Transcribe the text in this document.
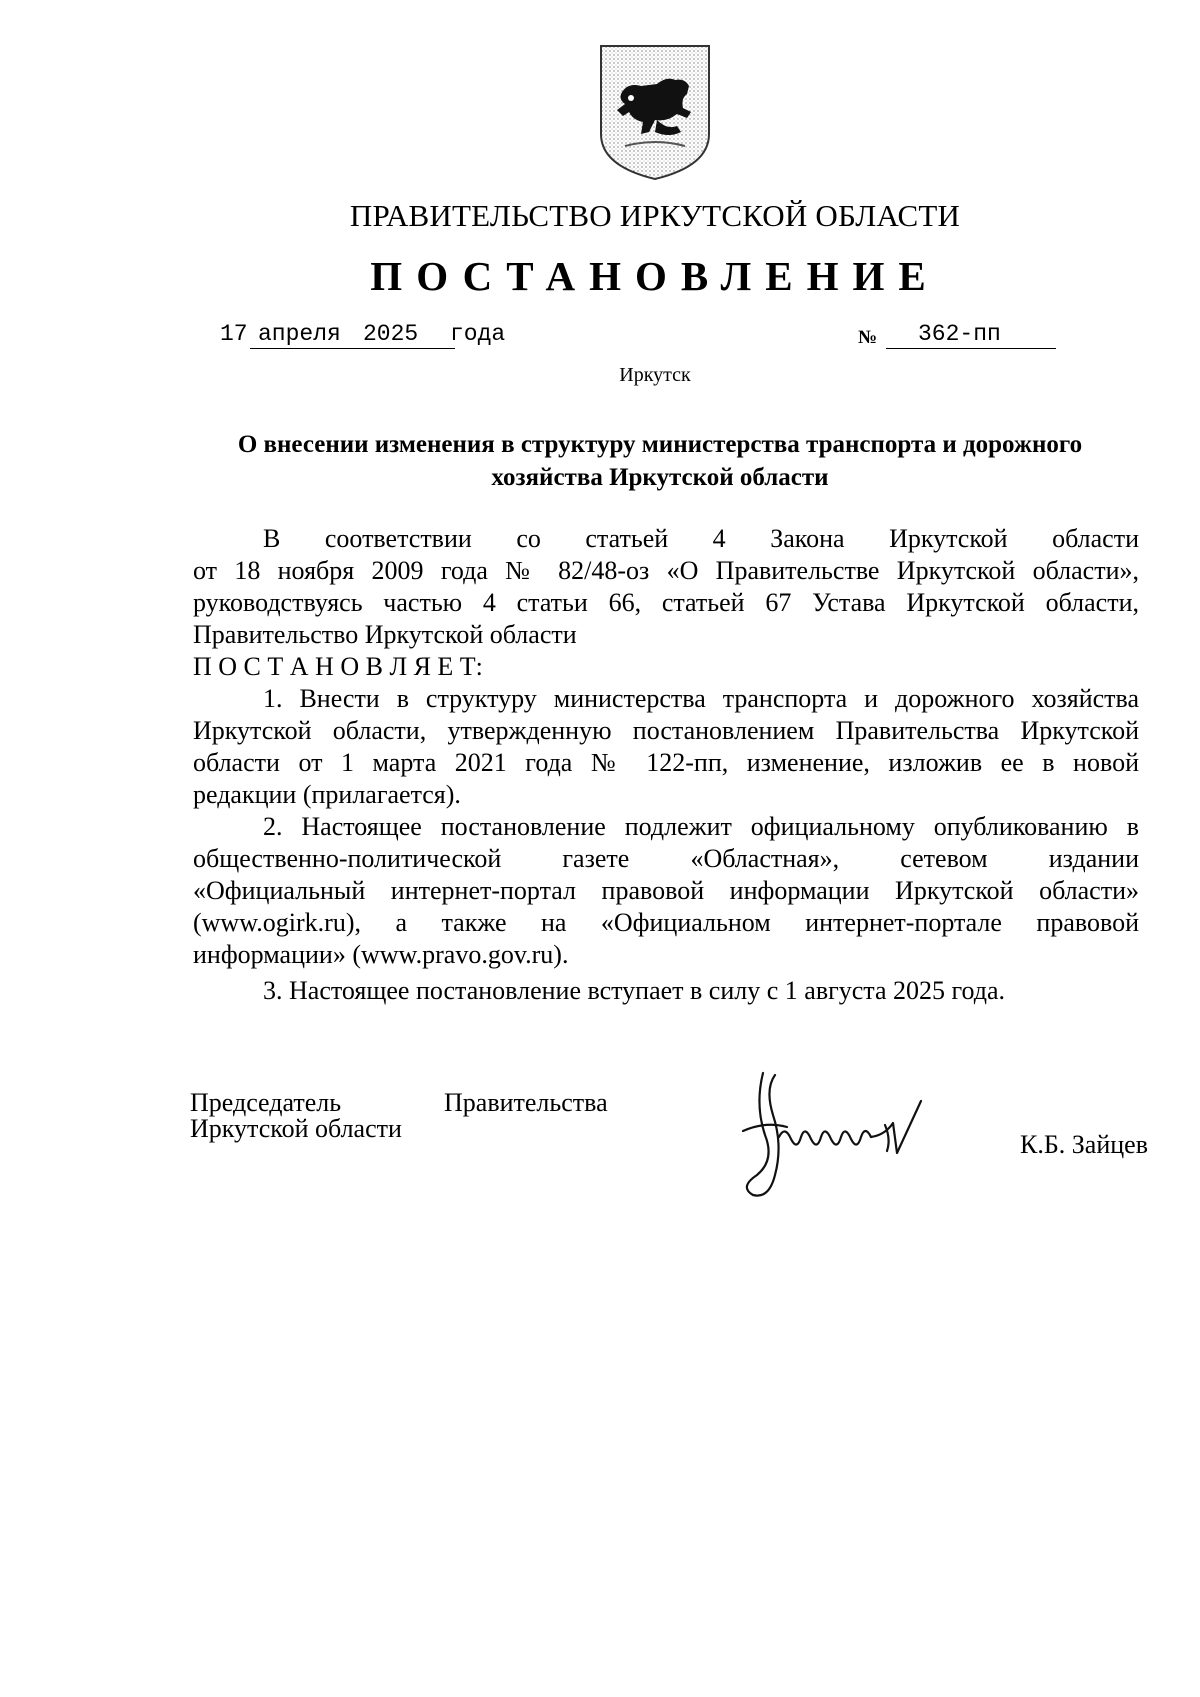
ПРАВИТЕЛЬСТВО ИРКУТСКОЙ ОБЛАСТИ
ПОСТАНОВЛЕНИЕ
17 апреля 2025 года	№ 362-пп
Иркутск
О внесении изменения в структуру министерства транспорта и дорожного
хозяйства Иркутской области
В соответствии со статьей 4 Закона Иркутской области
от 18 ноября 2009 года № 82/48-оз «О Правительстве Иркутской области»,
руководствуясь частью 4 статьи 66, статьей 67 Устава Иркутской области,
Правительство Иркутской области
П О С Т А Н О В Л Я Е Т:
1. Внести в структуру министерства транспорта и дорожного хозяйства
Иркутской области, утвержденную постановлением Правительства Иркутской
области от 1 марта 2021 года № 122-пп, изменение, изложив ее в новой
редакции (прилагается).
2. Настоящее постановление подлежит официальному опубликованию в
общественно-политической газете «Областная», сетевом издании
«Официальный интернет-портал правовой информации Иркутской области»
(www.ogirk.ru), а также на «Официальном интернет-портале правовой
информации» (www.pravo.gov.ru).
3. Настоящее постановление вступает в силу с 1 августа 2025 года.
Председатель	Правительства
Иркутской области
К.Б. Зайцев
